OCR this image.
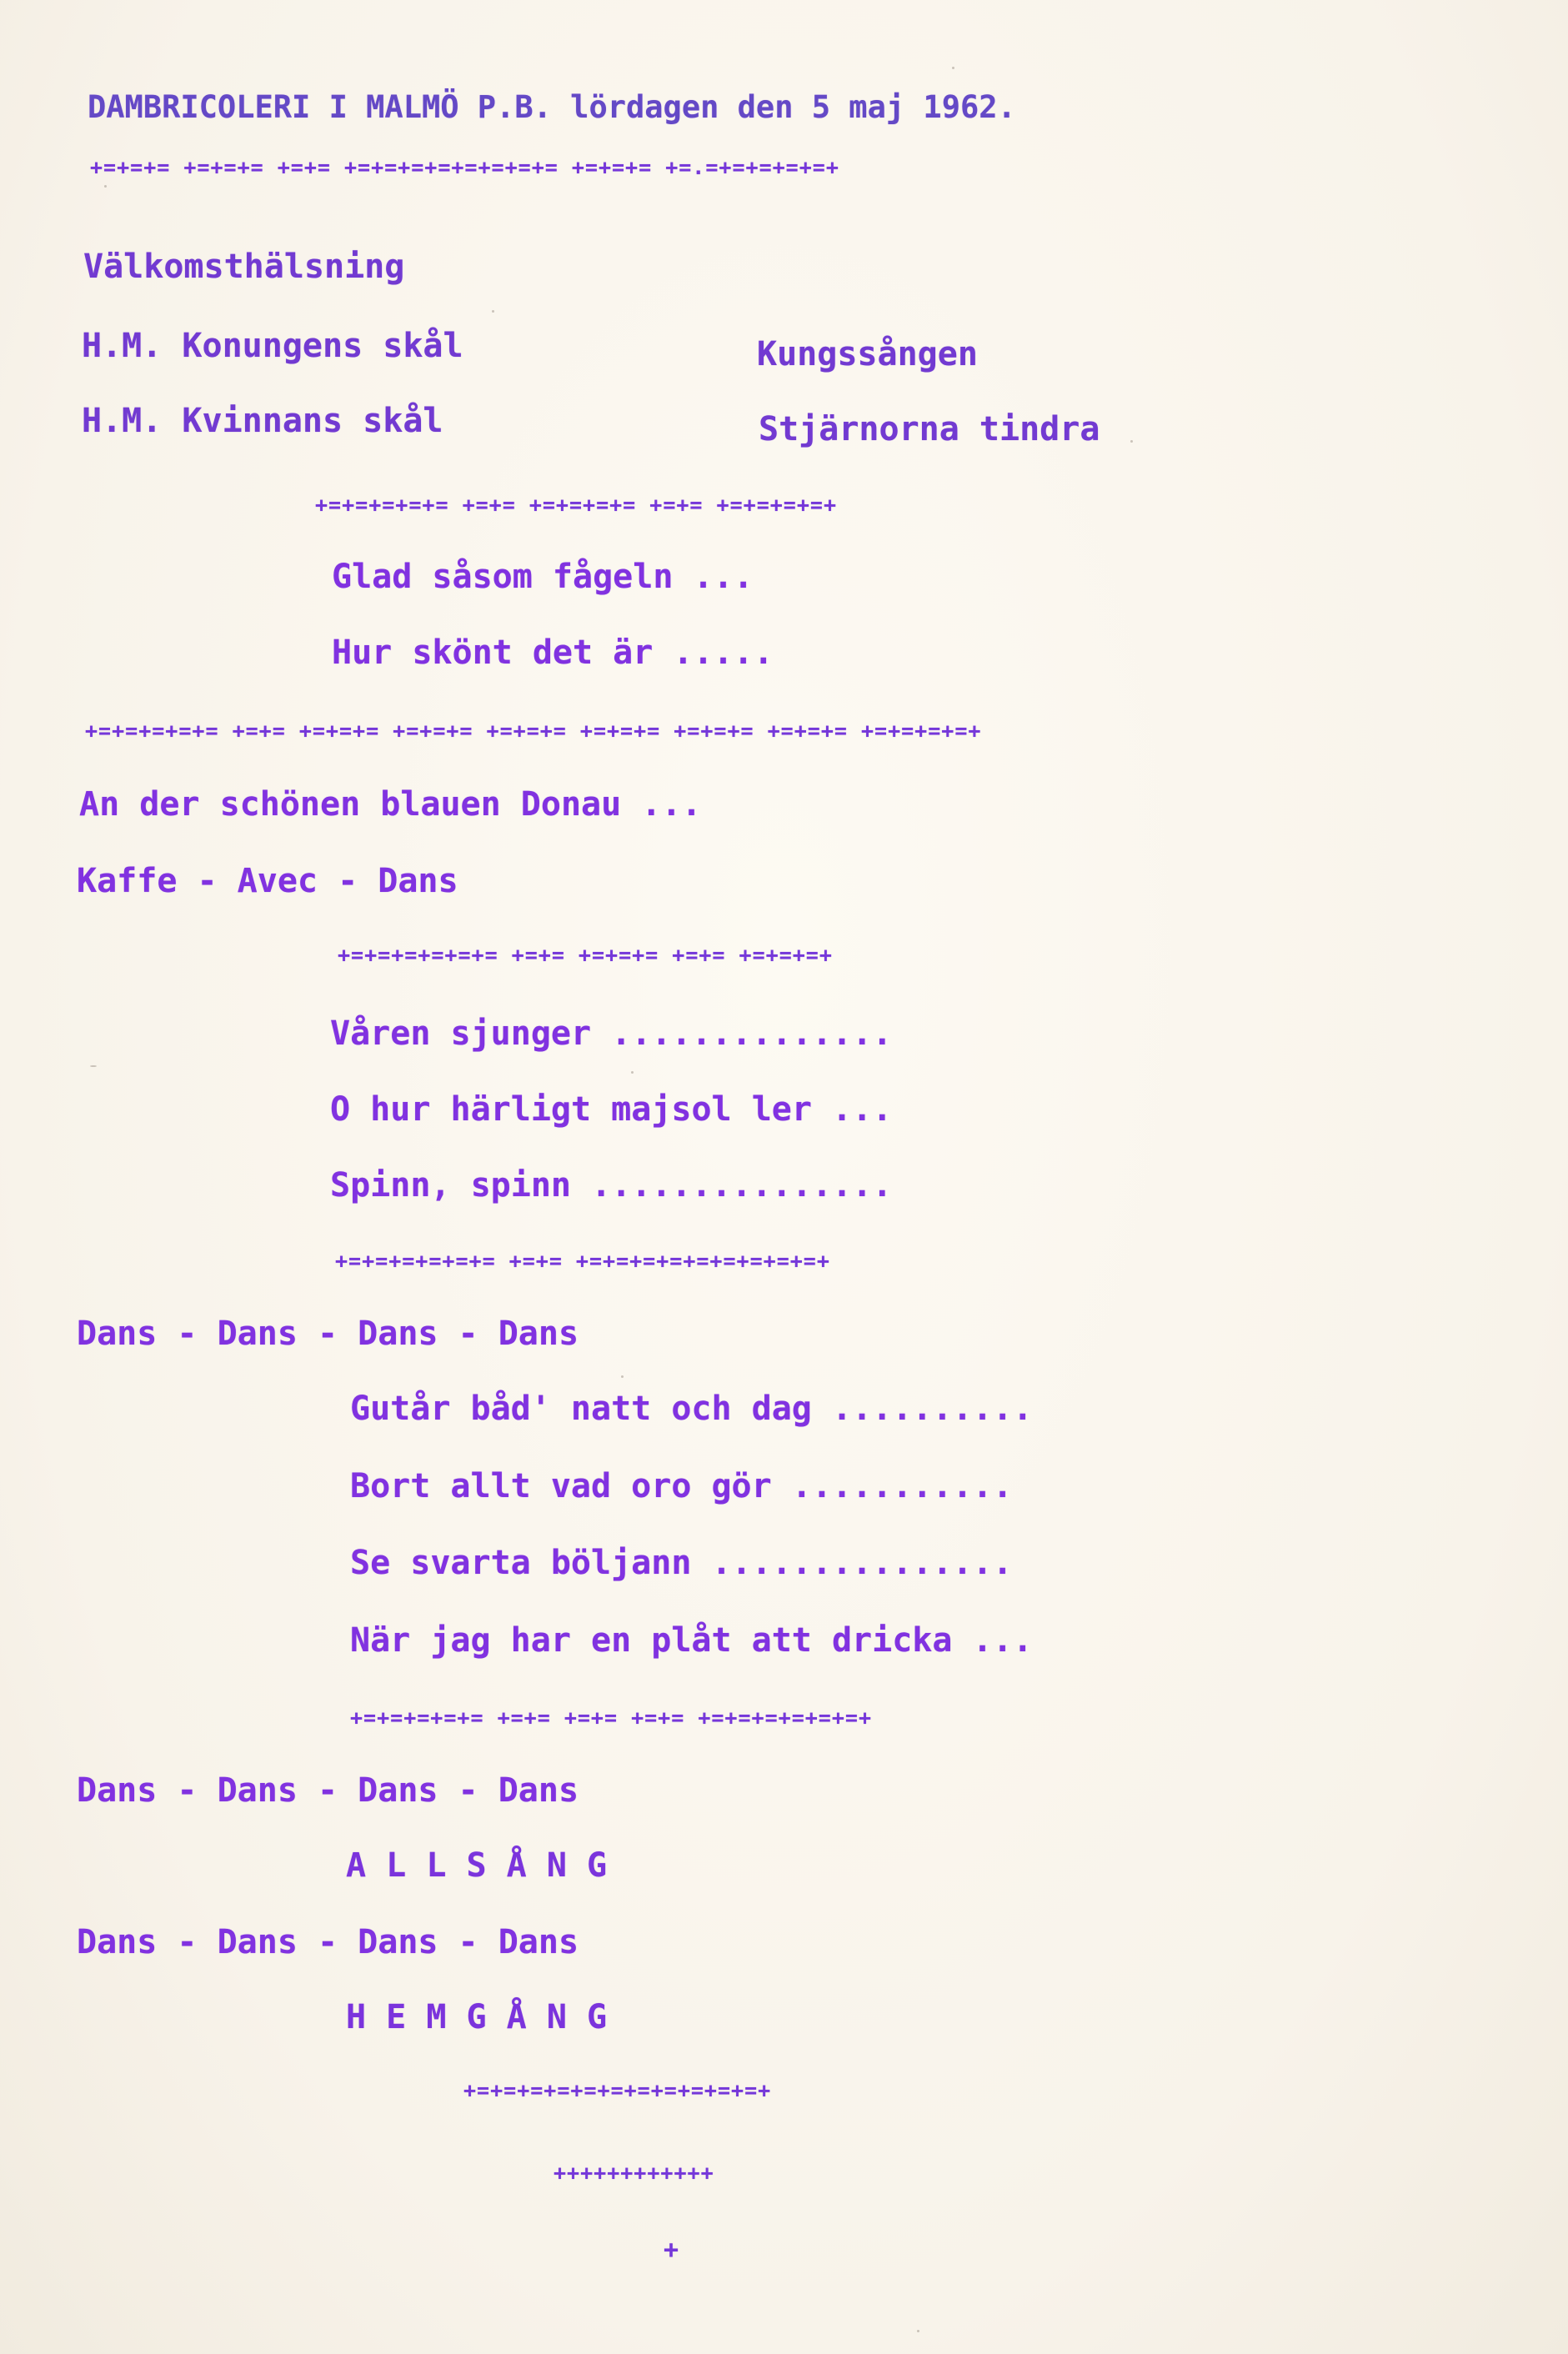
DAMBRICOLERI I MALMÖ P.B. lördagen den 5 maj 1962.
+=+=+= +=+=+= +=+= +=+=+=+=+=+=+=+= +=+=+= +=.=+=+=+=+=+
Välkomsthälsning
H.M. Konungens skål	Kungssången
H.M. Kvinnans skål	Stjärnorna tindra
+=+=+=+=+= +=+= +=+=+=+= +=+= +=+=+=+=+
Glad såsom fågeln ...
Hur skönt det är .....
+=+=+=+=+= +=+= +=+=+= +=+=+= +=+=+= +=+=+= +=+=+= +=+=+= +=+=+=+=+
An der schönen blauen Donau ...
Kaffe - Avec - Dans
+=+=+=+=+=+= +=+= +=+=+= +=+= +=+=+=+
Våren sjunger ..............
O hur härligt majsol ler ...
Spinn, spinn ...............
+=+=+=+=+=+= +=+= +=+=+=+=+=+=+=+=+=+
Dans - Dans - Dans - Dans
Gutår båd' natt och dag ..........
Bort allt vad oro gör ...........
Se svarta böljann ...............
När jag har en plåt att dricka ...
+=+=+=+=+= +=+= +=+= +=+= +=+=+=+=+=+=+
Dans - Dans - Dans - Dans
A L L S Å N G
Dans - Dans - Dans - Dans
H E M G Å N G
+=+=+=+=+=+=+=+=+=+=+=+
++++++++++++
+
